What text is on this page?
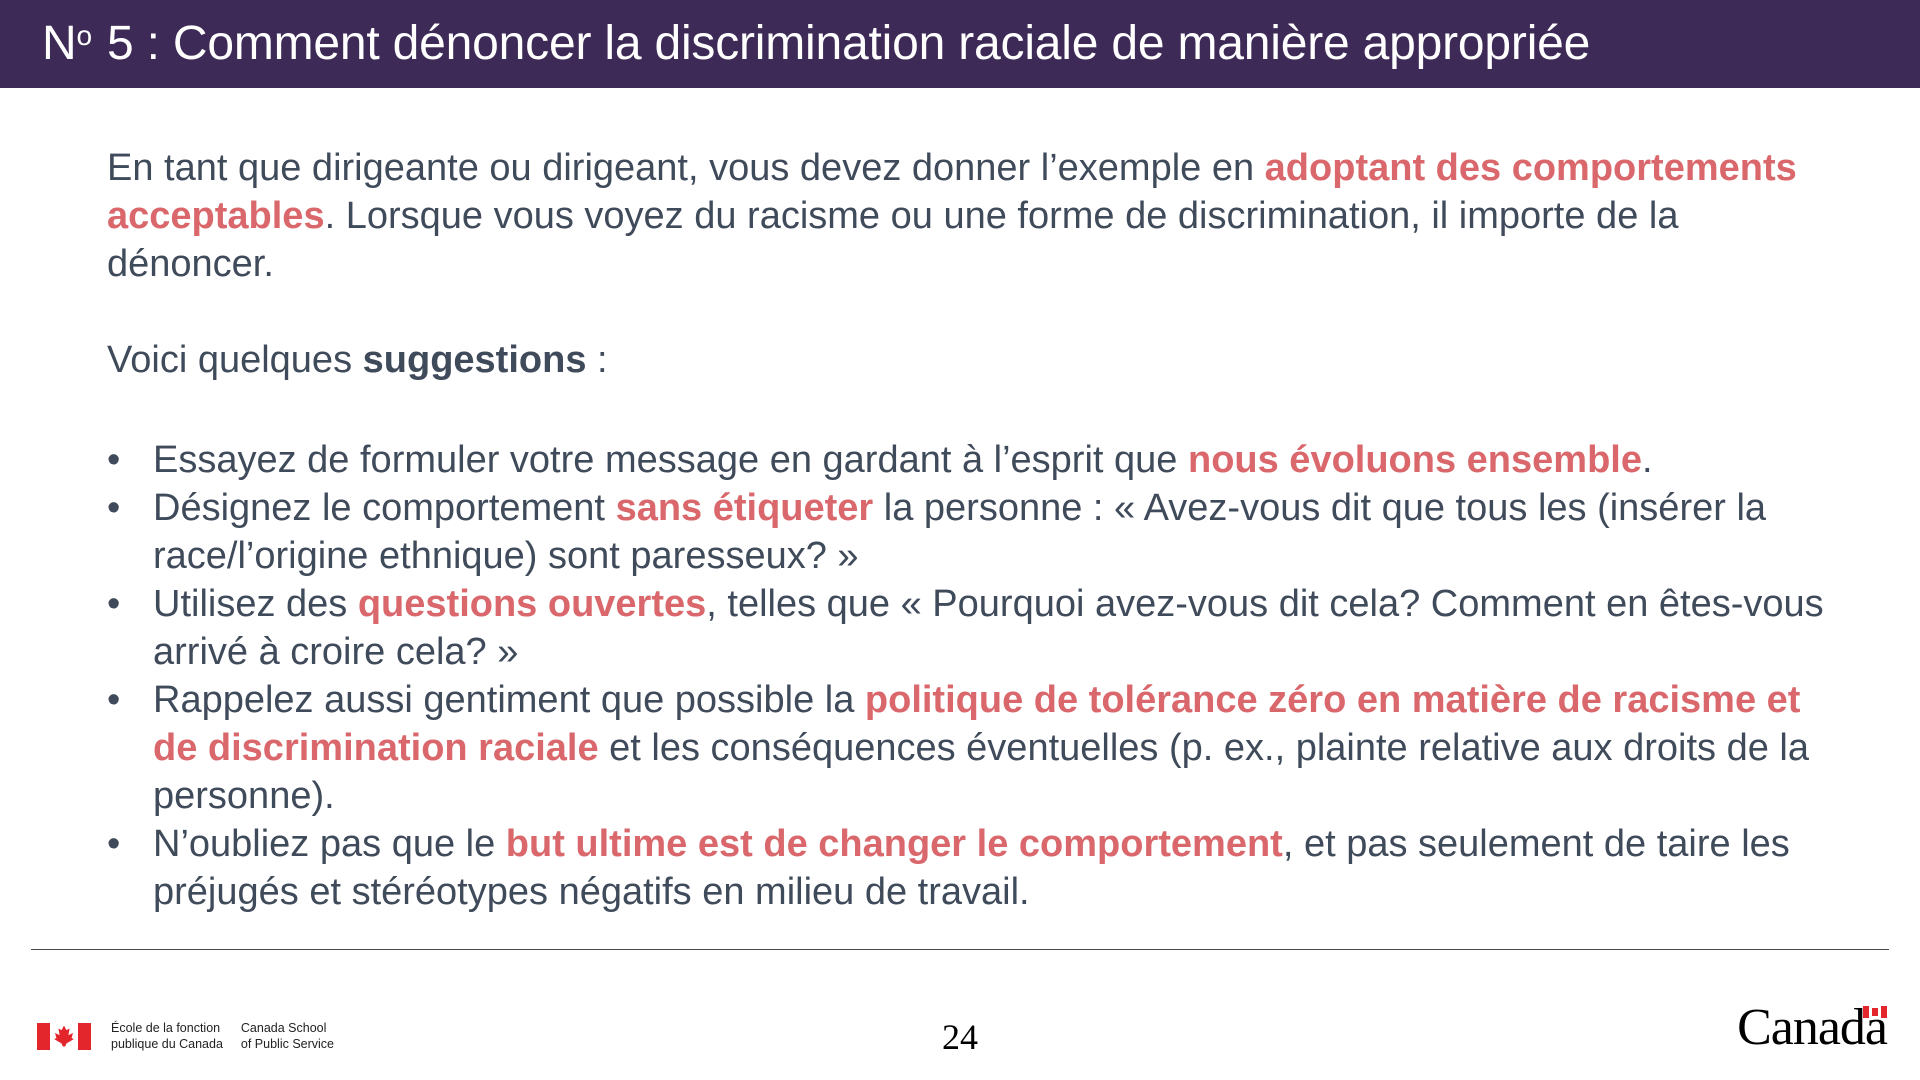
$N^o$ 5 : Comment dénoncer la discrimination raciale de manière appropriée

En tant que dirigeante ou dirigeant, vous devez donner l’exemple en adoptant des comportements acceptables. Lorsque vous voyez du racisme ou une forme de discrimination, il importe de la dénoncer.

Voici quelques suggestions :

• Essayez de formuler votre message en gardant à l’esprit que nous évoluons ensemble.
• Désignez le comportement sans étiqueter la personne : « Avez-vous dit que tous les (insérer la race/l’origine ethnique) sont paresseux? »
• Utilisez des questions ouvertes, telles que « Pourquoi avez-vous dit cela? Comment en êtes-vous arrivé à croire cela? »
• Rappelez aussi gentiment que possible la politique de tolérance zéro en matière de racisme et de discrimination raciale et les conséquences éventuelles (p. ex., plainte relative aux droits de la personne).
• N’oubliez pas que le but ultime est de changer le comportement, et pas seulement de taire les préjugés et stéréotypes négatifs en milieu de travail.
École de la fonction
publique du Canada
Canada School
of Public Service	24	Canada
